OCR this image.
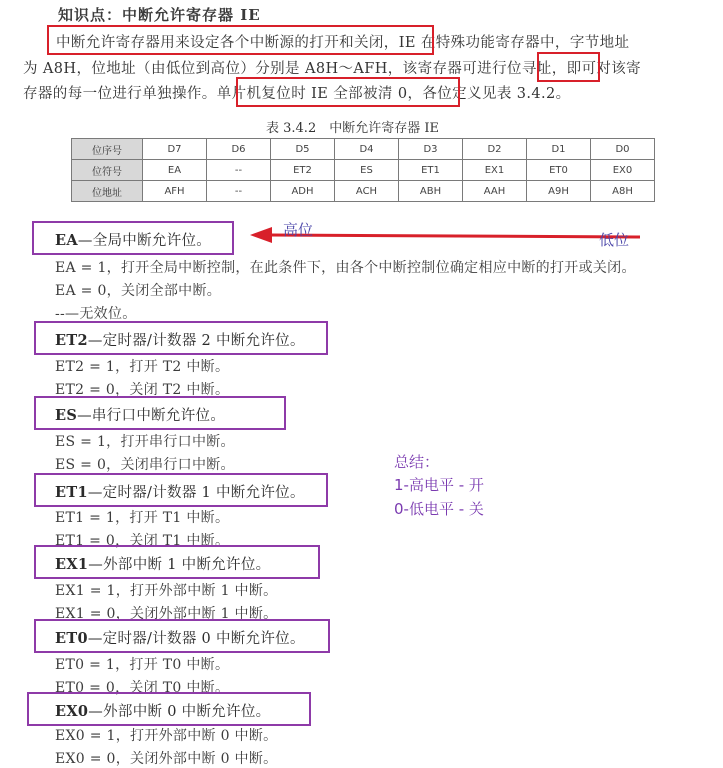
知识点：中断允许寄存器 IE
中断允许寄存器用来设定各个中断源的打开和关闭，IE 在特殊功能寄存器中，字节地址
为 A8H，位地址（由低位到高位）分别是 A8H～AFH，该寄存器可进行位寻址，即可对该寄
存器的每一位进行单独操作。单片机复位时 IE 全部被清 0，各位定义见表 3.4.2。
表 3.4.2　中断允许寄存器 IE
位序号	D7	D6	D5	D4	D3	D2	D1	D0
位符号	EA	--	ET2	ES	ET1	EX1	ET0	EX0
位地址	AFH	--	ADH	ACH	ABH	AAH	A9H	A8H
高位
低位
总结：
1-高电平 - 开
0-低电平 - 关
EA—全局中断允许位。
EA = 1，打开全局中断控制，在此条件下，由各个中断控制位确定相应中断的打开或关闭。
EA = 0，关闭全部中断。
--—无效位。
ET2—定时器/计数器 2 中断允许位。
ET2 = 1，打开 T2 中断。
ET2 = 0，关闭 T2 中断。
ES—串行口中断允许位。
ES = 1，打开串行口中断。
ES = 0，关闭串行口中断。
ET1—定时器/计数器 1 中断允许位。
ET1 = 1，打开 T1 中断。
ET1 = 0，关闭 T1 中断。
EX1—外部中断 1 中断允许位。
EX1 = 1，打开外部中断 1 中断。
EX1 = 0，关闭外部中断 1 中断。
ET0—定时器/计数器 0 中断允许位。
ET0 = 1，打开 T0 中断。
ET0 = 0，关闭 T0 中断。
EX0—外部中断 0 中断允许位。
EX0 = 1，打开外部中断 0 中断。
EX0 = 0，关闭外部中断 0 中断。
